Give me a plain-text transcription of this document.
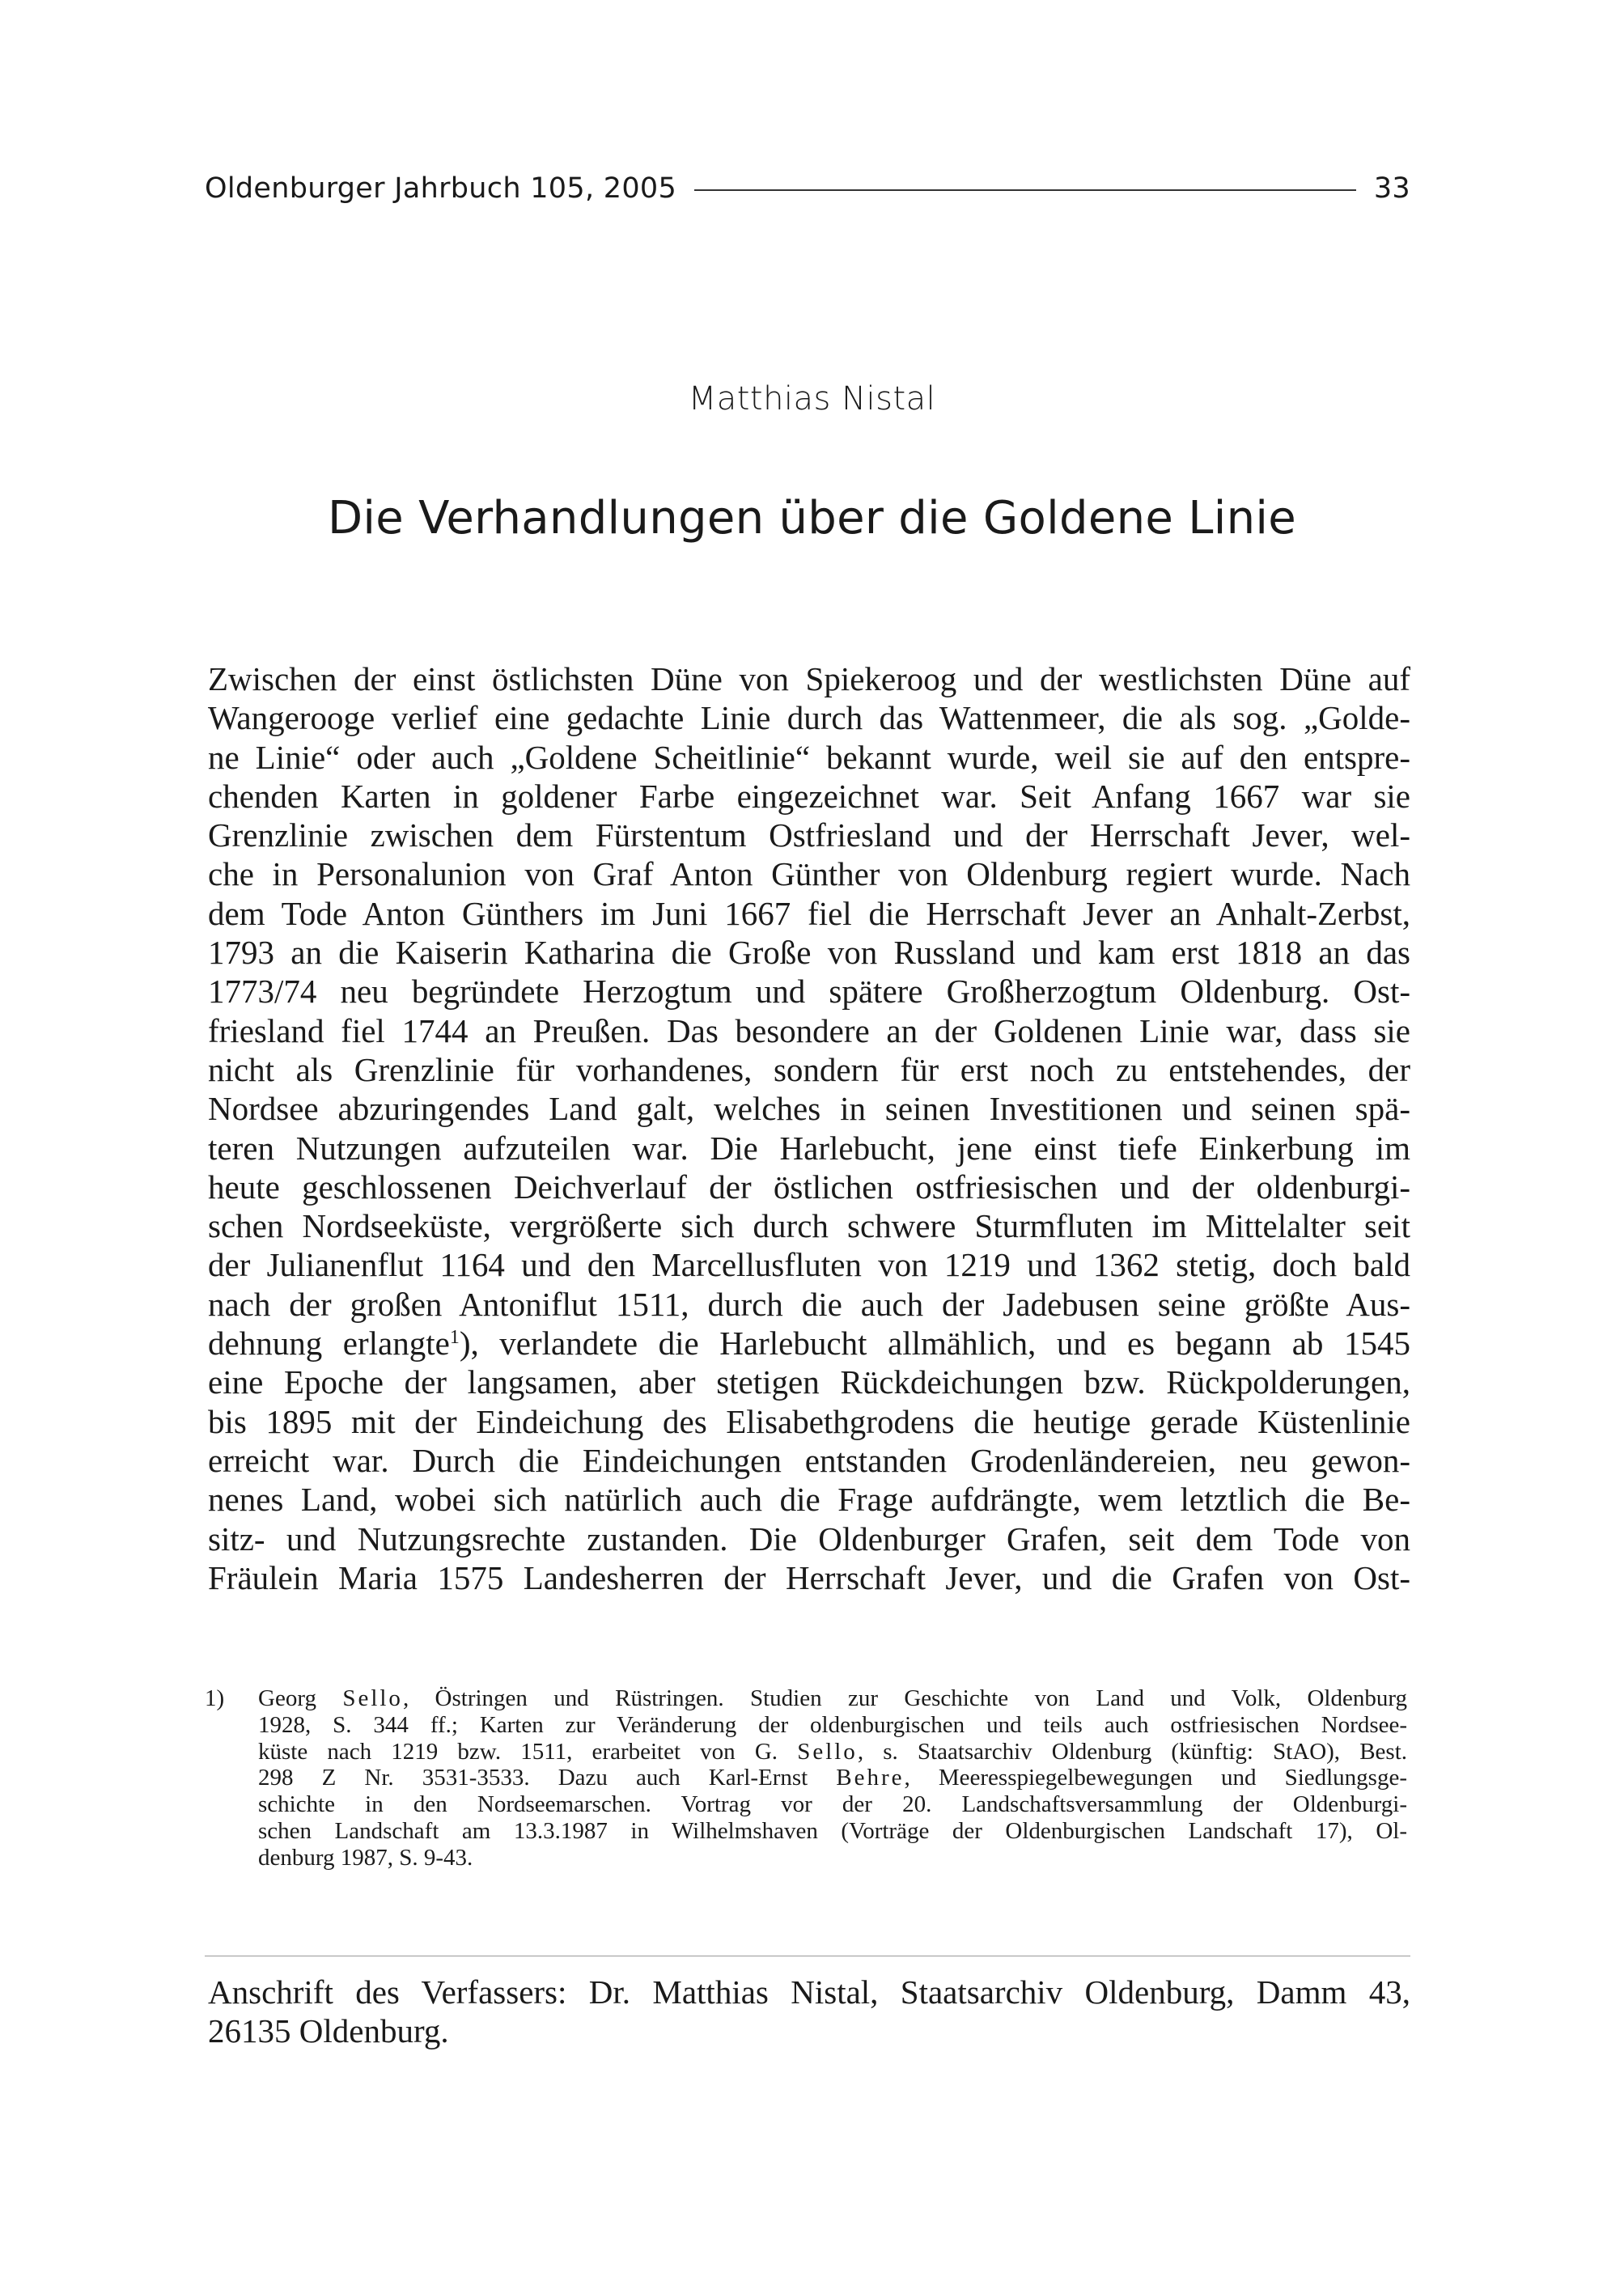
Oldenburger Jahrbuch 105, 2005	33
Matthias Nistal
Die Verhandlungen über die Goldene Linie
Zwischen der einst östlichsten Düne von Spiekeroog und der westlichsten Düne auf
Wangerooge verlief eine gedachte Linie durch das Wattenmeer, die als sog. „Golde-
ne Linie“ oder auch „Goldene Scheitlinie“ bekannt wurde, weil sie auf den entspre-
chenden Karten in goldener Farbe eingezeichnet war. Seit Anfang 1667 war sie
Grenzlinie zwischen dem Fürstentum Ostfriesland und der Herrschaft Jever, wel-
che in Personalunion von Graf Anton Günther von Oldenburg regiert wurde. Nach
dem Tode Anton Günthers im Juni 1667 fiel die Herrschaft Jever an Anhalt-Zerbst,
1793 an die Kaiserin Katharina die Große von Russland und kam erst 1818 an das
1773/74 neu begründete Herzogtum und spätere Großherzogtum Oldenburg. Ost-
friesland fiel 1744 an Preußen. Das besondere an der Goldenen Linie war, dass sie
nicht als Grenzlinie für vorhandenes, sondern für erst noch zu entstehendes, der
Nordsee abzuringendes Land galt, welches in seinen Investitionen und seinen spä-
teren Nutzungen aufzuteilen war. Die Harlebucht, jene einst tiefe Einkerbung im
heute geschlossenen Deichverlauf der östlichen ostfriesischen und der oldenburgi-
schen Nordseeküste, vergrößerte sich durch schwere Sturmfluten im Mittelalter seit
der Julianenflut 1164 und den Marcellusfluten von 1219 und 1362 stetig, doch bald
nach der großen Antoniflut 1511, durch die auch der Jadebusen seine größte Aus-
dehnung erlangte$^1$), verlandete die Harlebucht allmählich, und es begann ab 1545
eine Epoche der langsamen, aber stetigen Rückdeichungen bzw. Rückpolderungen,
bis 1895 mit der Eindeichung des Elisabethgrodens die heutige gerade Küstenlinie
erreicht war. Durch die Eindeichungen entstanden Grodenländereien, neu gewon-
nenes Land, wobei sich natürlich auch die Frage aufdrängte, wem letztlich die Be-
sitz- und Nutzungsrechte zustanden. Die Oldenburger Grafen, seit dem Tode von
Fräulein Maria 1575 Landesherren der Herrschaft Jever, und die Grafen von Ost-
1) Georg Sello, Östringen und Rüstringen. Studien zur Geschichte von Land und Volk, Oldenburg
1928, S. 344 ff.; Karten zur Veränderung der oldenburgischen und teils auch ostfriesischen Nordsee-
küste nach 1219 bzw. 1511, erarbeitet von G. Sello, s. Staatsarchiv Oldenburg (künftig: StAO), Best.
298 Z Nr. 3531-3533. Dazu auch Karl-Ernst Behre, Meeresspiegelbewegungen und Siedlungsge-
schichte in den Nordseemarschen. Vortrag vor der 20. Landschaftsversammlung der Oldenburgi-
schen Landschaft am 13.3.1987 in Wilhelmshaven (Vorträge der Oldenburgischen Landschaft 17), Ol-
denburg 1987, S. 9-43.
Anschrift des Verfassers: Dr. Matthias Nistal, Staatsarchiv Oldenburg, Damm 43,
26135 Oldenburg.
